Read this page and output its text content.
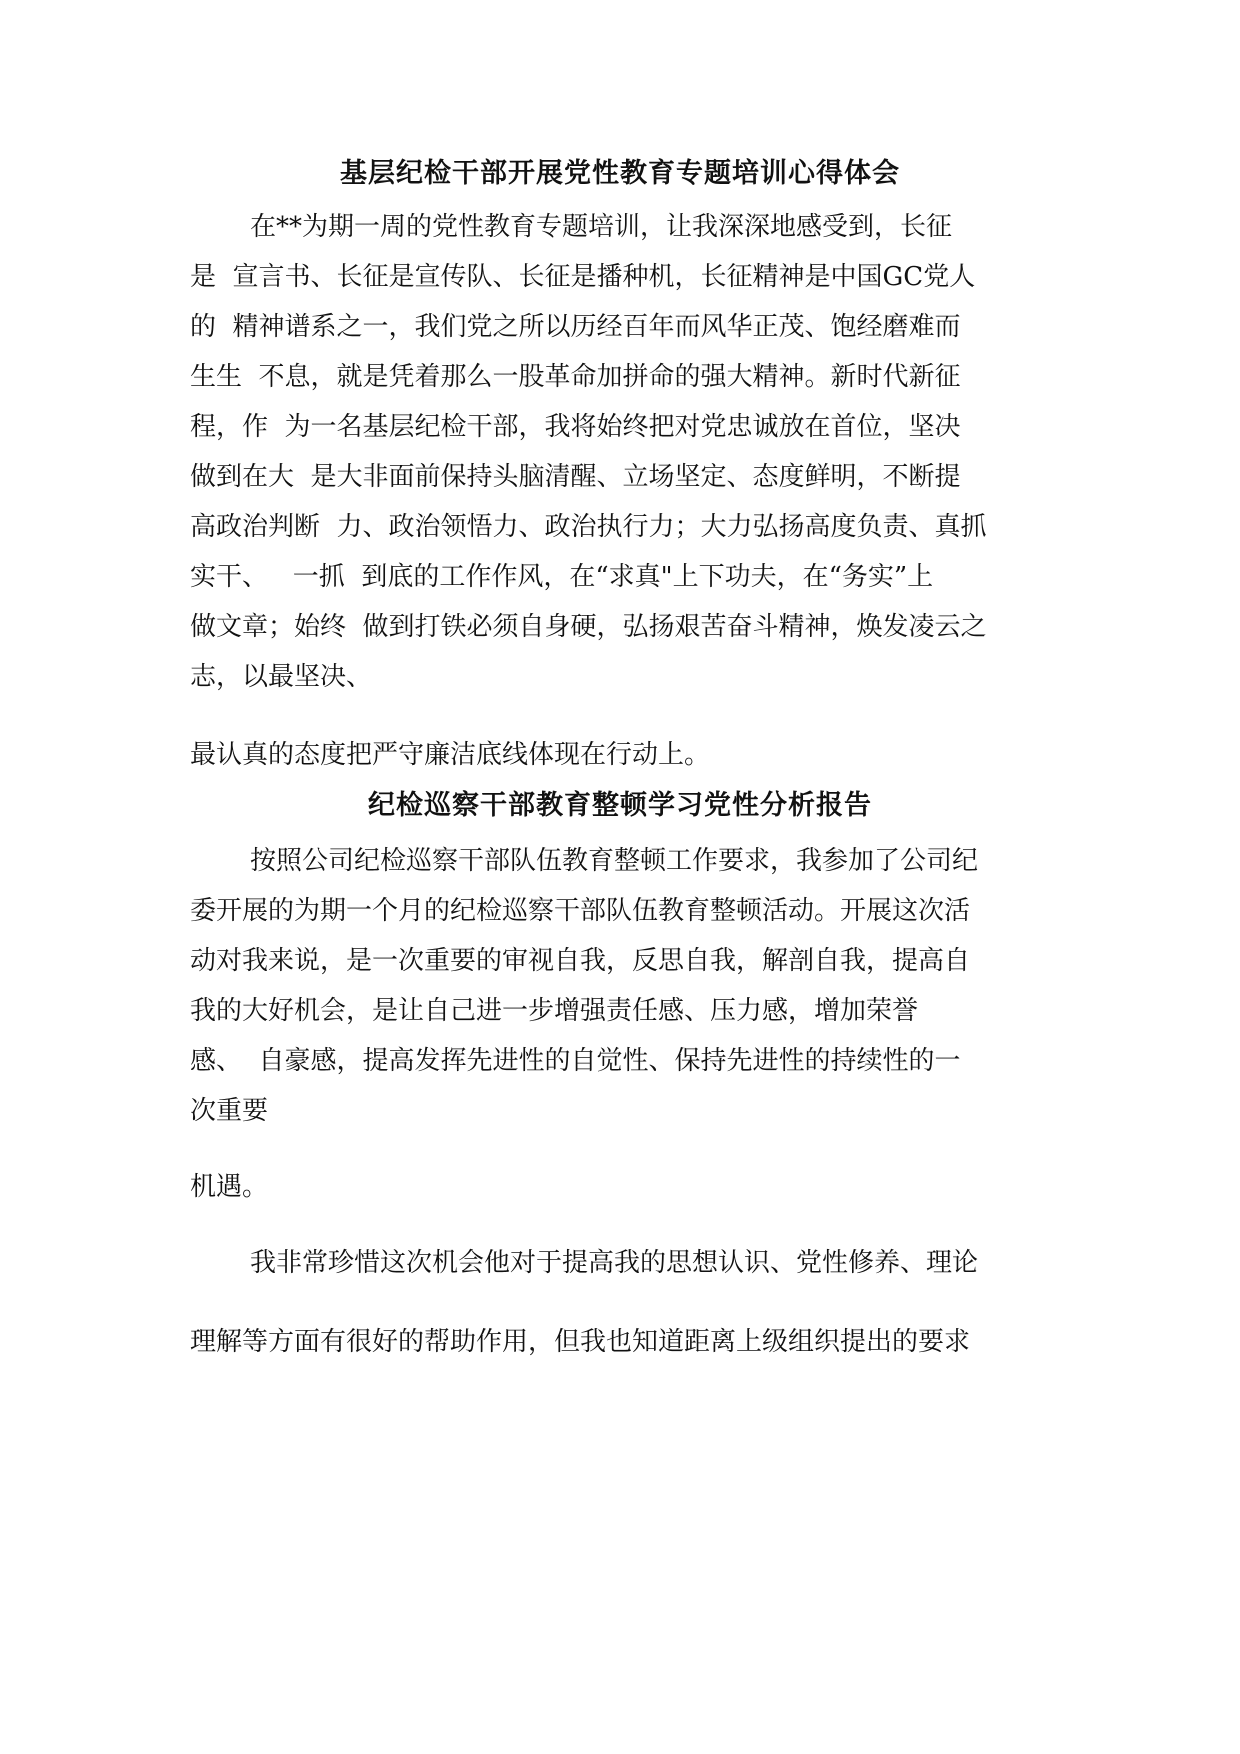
基层纪检干部开展党性教育专题培训心得体会

在**为期一周的党性教育专题培训，让我深深地感受到，长征

是  宣言书、长征是宣传队、长征是播种机，长征精神是中国GC党人

的  精神谱系之一，我们党之所以历经百年而风华正茂、饱经磨难而

生生  不息，就是凭着那么一股革命加拼命的强大精神。新时代新征

程，作  为一名基层纪检干部，我将始终把对党忠诚放在首位，坚决

做到在大  是大非面前保持头脑清醒、立场坚定、态度鲜明，不断提

高政治判断  力、政治领悟力、政治执行力；大力弘扬高度负责、真抓

实干、   一抓  到底的工作作风，在“求真"上下功夫，在“务实”上

做文章；始终  做到打铁必须自身硬，弘扬艰苦奋斗精神，焕发凌云之

志，以最坚决、

最认真的态度把严守廉洁底线体现在行动上。

纪检巡察干部教育整顿学习党性分析报告

按照公司纪检巡察干部队伍教育整顿工作要求，我参加了公司纪

委开展的为期一个月的纪检巡察干部队伍教育整顿活动。开展这次活

动对我来说，是一次重要的审视自我，反思自我，解剖自我，提高自

我的大好机会，是让自己进一步增强责任感、压力感，增加荣誉

感、  自豪感，提高发挥先进性的自觉性、保持先进性的持续性的一

次重要

机遇。

我非常珍惜这次机会他对于提高我的思想认识、党性修养、理论

理解等方面有很好的帮助作用，但我也知道距离上级组织提出的要求
